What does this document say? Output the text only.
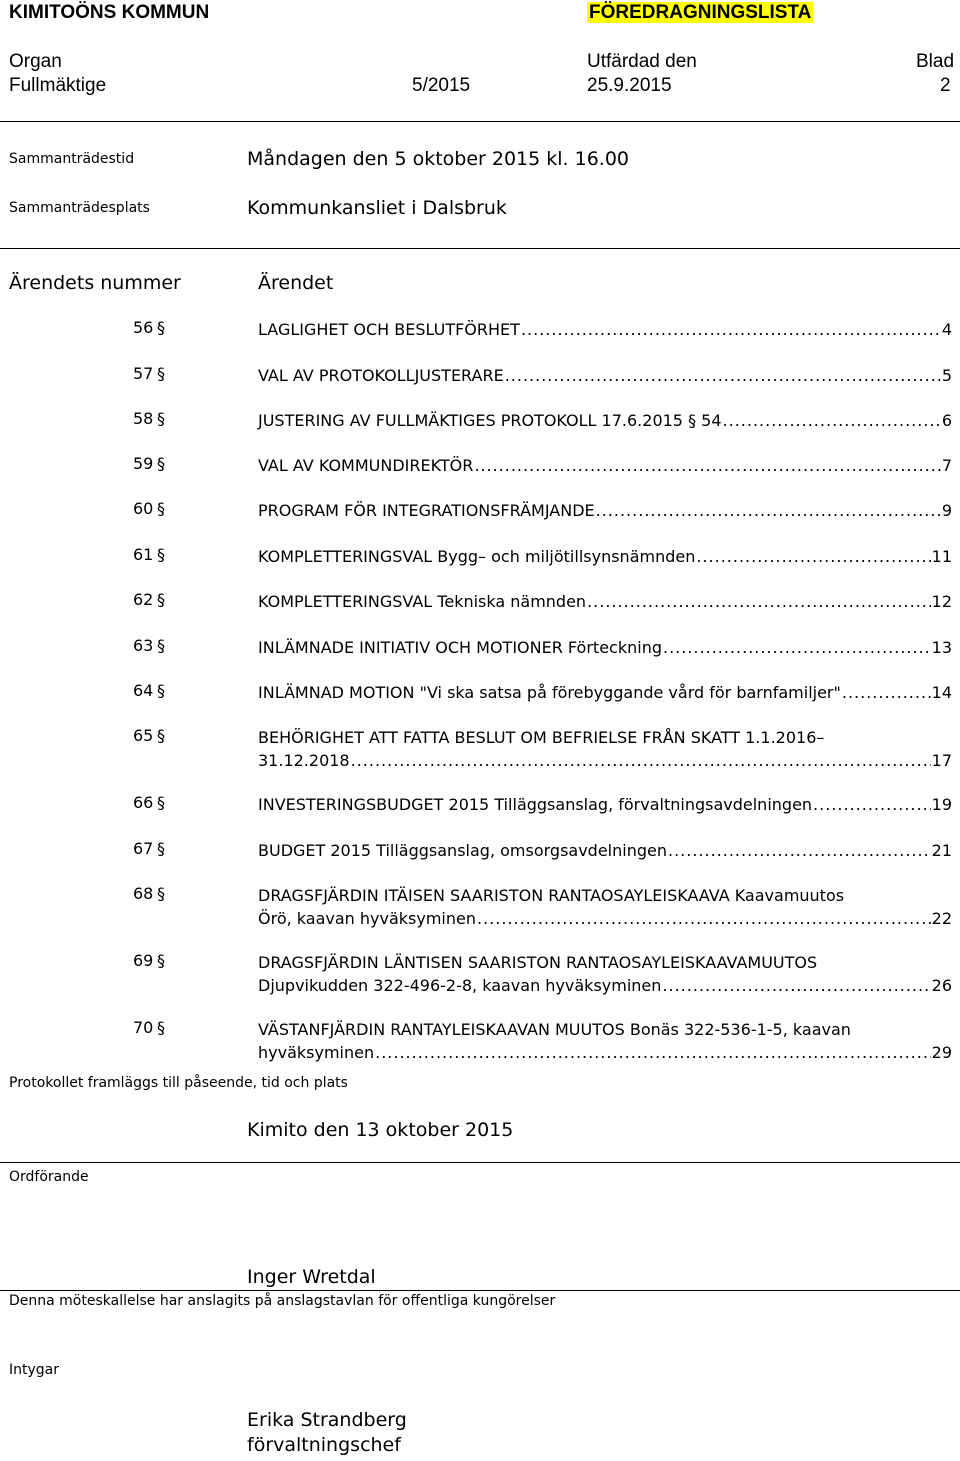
KIMITOÖNS KOMMUN	FÖREDRAGNINGSLISTA
Organ	Utfärdad den	Blad
Fullmäktige	5/2015	25.9.2015	2
Sammanträdestid	Måndagen den 5 oktober 2015 kl. 16.00
Sammanträdesplats	Kommunkansliet i Dalsbruk
Ärendets nummer	Ärendet
56 §	LAGLIGHET OCH BESLUTFÖRHET .....	4
57 §	VAL AV PROTOKOLLJUSTERARE .....	5
58 §	JUSTERING AV FULLMÄKTIGES PROTOKOLL 17.6.2015 § 54 .....	6
59 §	VAL AV KOMMUNDIREKTÖR .....	7
60 §	PROGRAM FÖR INTEGRATIONSFRÄMJANDE .....	9
61 §	KOMPLETTERINGSVAL Bygg– och miljötillsynsnämnden .....	11
62 §	KOMPLETTERINGSVAL Tekniska nämnden .....	12
63 §	INLÄMNADE INITIATIV OCH MOTIONER Förteckning .....	13
64 §	INLÄMNAD MOTION "Vi ska satsa på förebyggande vård för barnfamiljer" .....	14
65 §	BEHÖRIGHET ATT FATTA BESLUT OM BEFRIELSE FRÅN SKATT 1.1.2016–
31.12.2018 .....	17
66 §	INVESTERINGSBUDGET 2015 Tilläggsanslag, förvaltningsavdelningen .....	19
67 §	BUDGET 2015 Tilläggsanslag, omsorgsavdelningen .....	21
68 §	DRAGSFJÄRDIN ITÄISEN SAARISTON RANTAOSAYLEISKAAVA Kaavamuutos
Örö, kaavan hyväksyminen .....	22
69 §	DRAGSFJÄRDIN LÄNTISEN SAARISTON RANTAOSAYLEISKAAVAMUUTOS
Djupvikudden 322-496-2-8, kaavan hyväksyminen .....	26
70 §	VÄSTANFJÄRDIN RANTAYLEISKAAVAN MUUTOS Bonäs 322-536-1-5, kaavan
hyväksyminen .....	29
Protokollet framläggs till påseende, tid och plats
Kimito den 13 oktober 2015
Ordförande
Inger Wretdal
Denna möteskallelse har anslagits på anslagstavlan för offentliga kungörelser
Intygar
Erika Strandberg
förvaltningschef
